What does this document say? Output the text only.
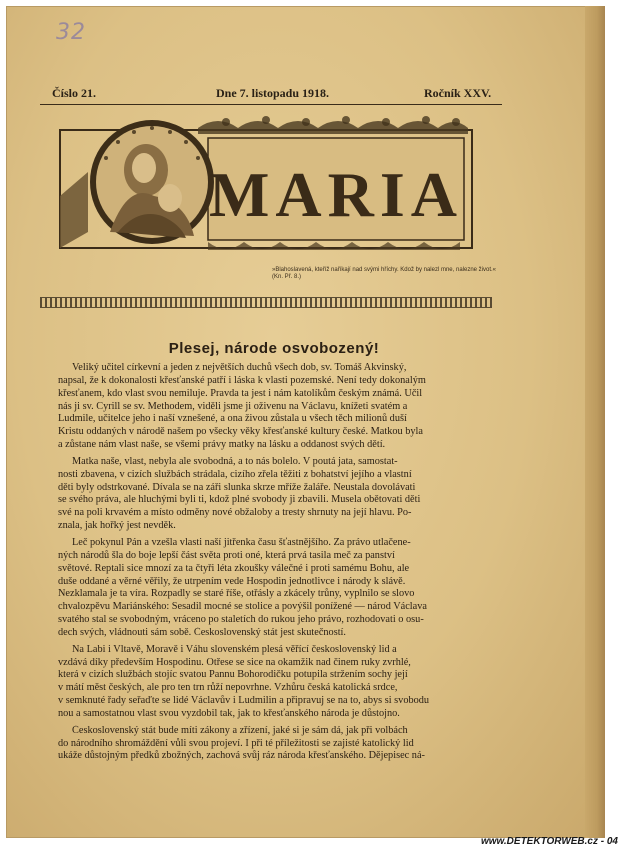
32
Číslo 21.	Dne 7. listopadu 1918.	Ročník XXV.
MARIA
»Blahoslavená, kteříž naříkají nad svými hříchy. Kdož by nalezl mne, nalezne život.« (Kn. Př. 8.)
Plesej, národe osvobozený!

Veliký učitel církevní a jeden z největších duchů všech dob, sv. Tomáš Akvinský,
napsal, že k dokonalosti křesťanské patří i láska k vlasti pozemské. Není tedy dokonalým
křesťanem, kdo vlast svou nemiluje. Pravda ta jest i nám katolíkům českým známá. Učil
nás ji sv. Cyrill se sv. Methodem, viděli jsme ji oživenu na Václavu, knížeti svatém a
Ludmile, učitelce jeho i naší vznešené, a ona živou zůstala u všech těch milionů duší
Kristu oddaných v národě našem po všecky věky křesťanské kultury české. Matkou byla
a zůstane nám vlast naše, se všemi právy matky na lásku a oddanost svých dětí.

Matka naše, vlast, nebyla ale svobodná, a to nás bolelo. V poutá jata, samostat-
nosti zbavena, v cizích službách strádala, cizího zřela těžiti z bohatství jejího a vlastní
děti byly odstrkované. Dívala se na záři slunka skrze mříže žaláře. Neustala dovolávati
se svého práva, ale hluchými byli ti, kdož plné svobody ji zbavili. Musela obětovati děti
své na poli krvavém a místo odměny nové obžaloby a tresty shrnuty na její hlavu. Po-
znala, jak hořký jest nevděk.

Leč pokynul Pán a vzešla vlasti naší jitřenka času šťastnějšího. Za právo utlačene-
ných národů šla do boje lepší část světa proti oné, která prvá tasila meč za panství
světové. Reptali sice mnozí za ta čtyři léta zkoušky válečné i proti samému Bohu, ale
duše oddané a věrné věřily, že utrpením vede Hospodin jednotlivce i národy k slávě.
Nezklamala je ta víra. Rozpadly se staré říše, otřásly a zkácely trůny, vyplnilo se slovo
chvalozpěvu Mariánského: Sesadil mocné se stolice a povýšil ponížené — národ Václava
svatého stal se svobodným, vráceno po staletích do rukou jeho právo, rozhodovati o osu-
dech svých, vládnouti sám sobě. Československý stát jest skutečností.

Na Labi i Vltavě, Moravě i Váhu slovenském plesá věřící československý lid a
vzdává díky především Hospodinu. Otřese se sice na okamžik nad činem ruky zvrhlé,
která v cizích službách stojíc svatou Pannu Bohorodičku potupila stržením sochy její
v mátí měst českých, ale pro ten trn růží nepovrhne. Vzhůru česká katolická srdce,
v semknuté řady seřaďte se lidé Václavův i Ludmilin a připravuj se na to, abys si svobodu
nou a samostatnou vlast svou vyzdobil tak, jak to křesťanského národa je důstojno.

Československý stát bude míti zákony a zřízení, jaké si je sám dá, jak při volbách
do národního shromáždění vůli svou projeví. I při té příležitosti se zajisté katolický lid
ukáže důstojným předků zbožných, zachová svůj ráz národa křesťanského. Dějepisec ná-

www.DETEKTORWEB.cz - 04
